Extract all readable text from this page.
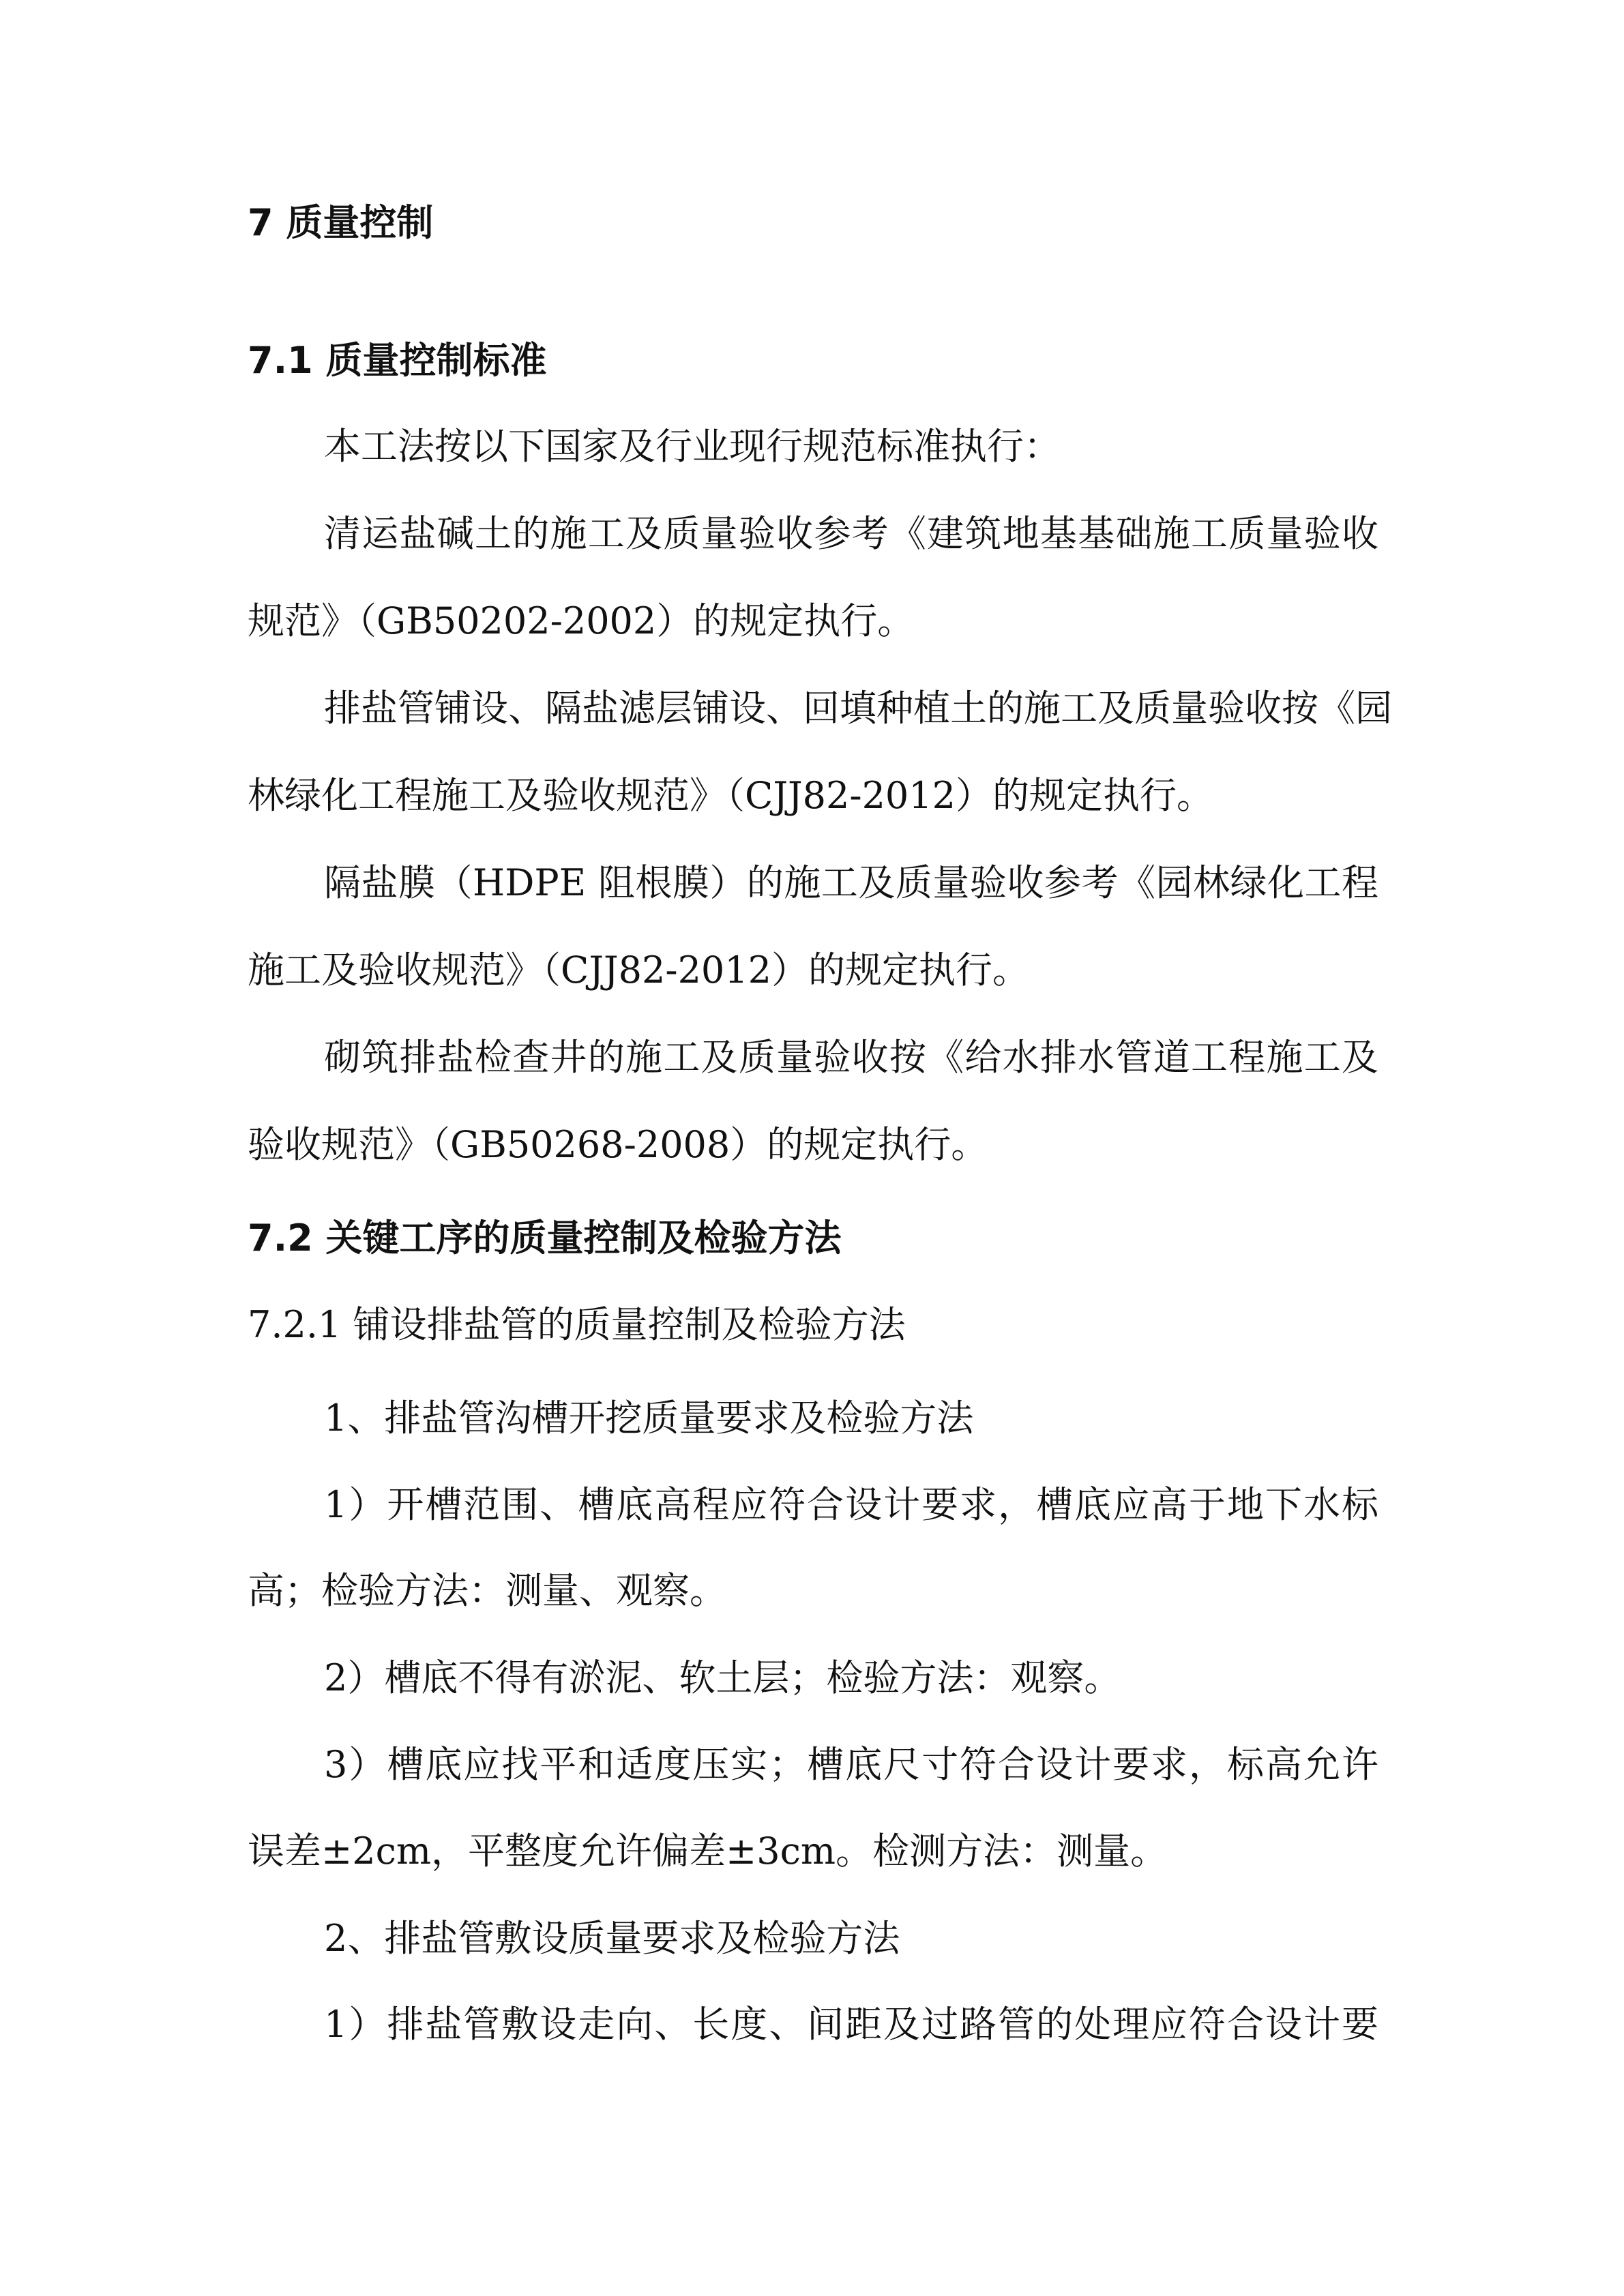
7 质量控制
7.1 质量控制标准
本工法按以下国家及行业现行规范标准执行：
清运盐碱土的施工及质量验收参考《建筑地基基础施工质量验收
规范》（GB50202-2002）的规定执行。
排盐管铺设、隔盐滤层铺设、回填种植土的施工及质量验收按《园
林绿化工程施工及验收规范》（CJJ82-2012）的规定执行。
隔盐膜（HDPE 阻根膜）的施工及质量验收参考《园林绿化工程
施工及验收规范》（CJJ82-2012）的规定执行。
砌筑排盐检查井的施工及质量验收按《给水排水管道工程施工及
验收规范》（GB50268-2008）的规定执行。
7.2 关键工序的质量控制及检验方法
7.2.1 铺设排盐管的质量控制及检验方法
1、排盐管沟槽开挖质量要求及检验方法
1）开槽范围、槽底高程应符合设计要求，槽底应高于地下水标
高；检验方法：测量、观察。
2）槽底不得有淤泥、软土层；检验方法：观察。
3）槽底应找平和适度压实；槽底尺寸符合设计要求，标高允许
误差±2cm，平整度允许偏差±3cm。检测方法：测量。
2、排盐管敷设质量要求及检验方法
1）排盐管敷设走向、长度、间距及过路管的处理应符合设计要
